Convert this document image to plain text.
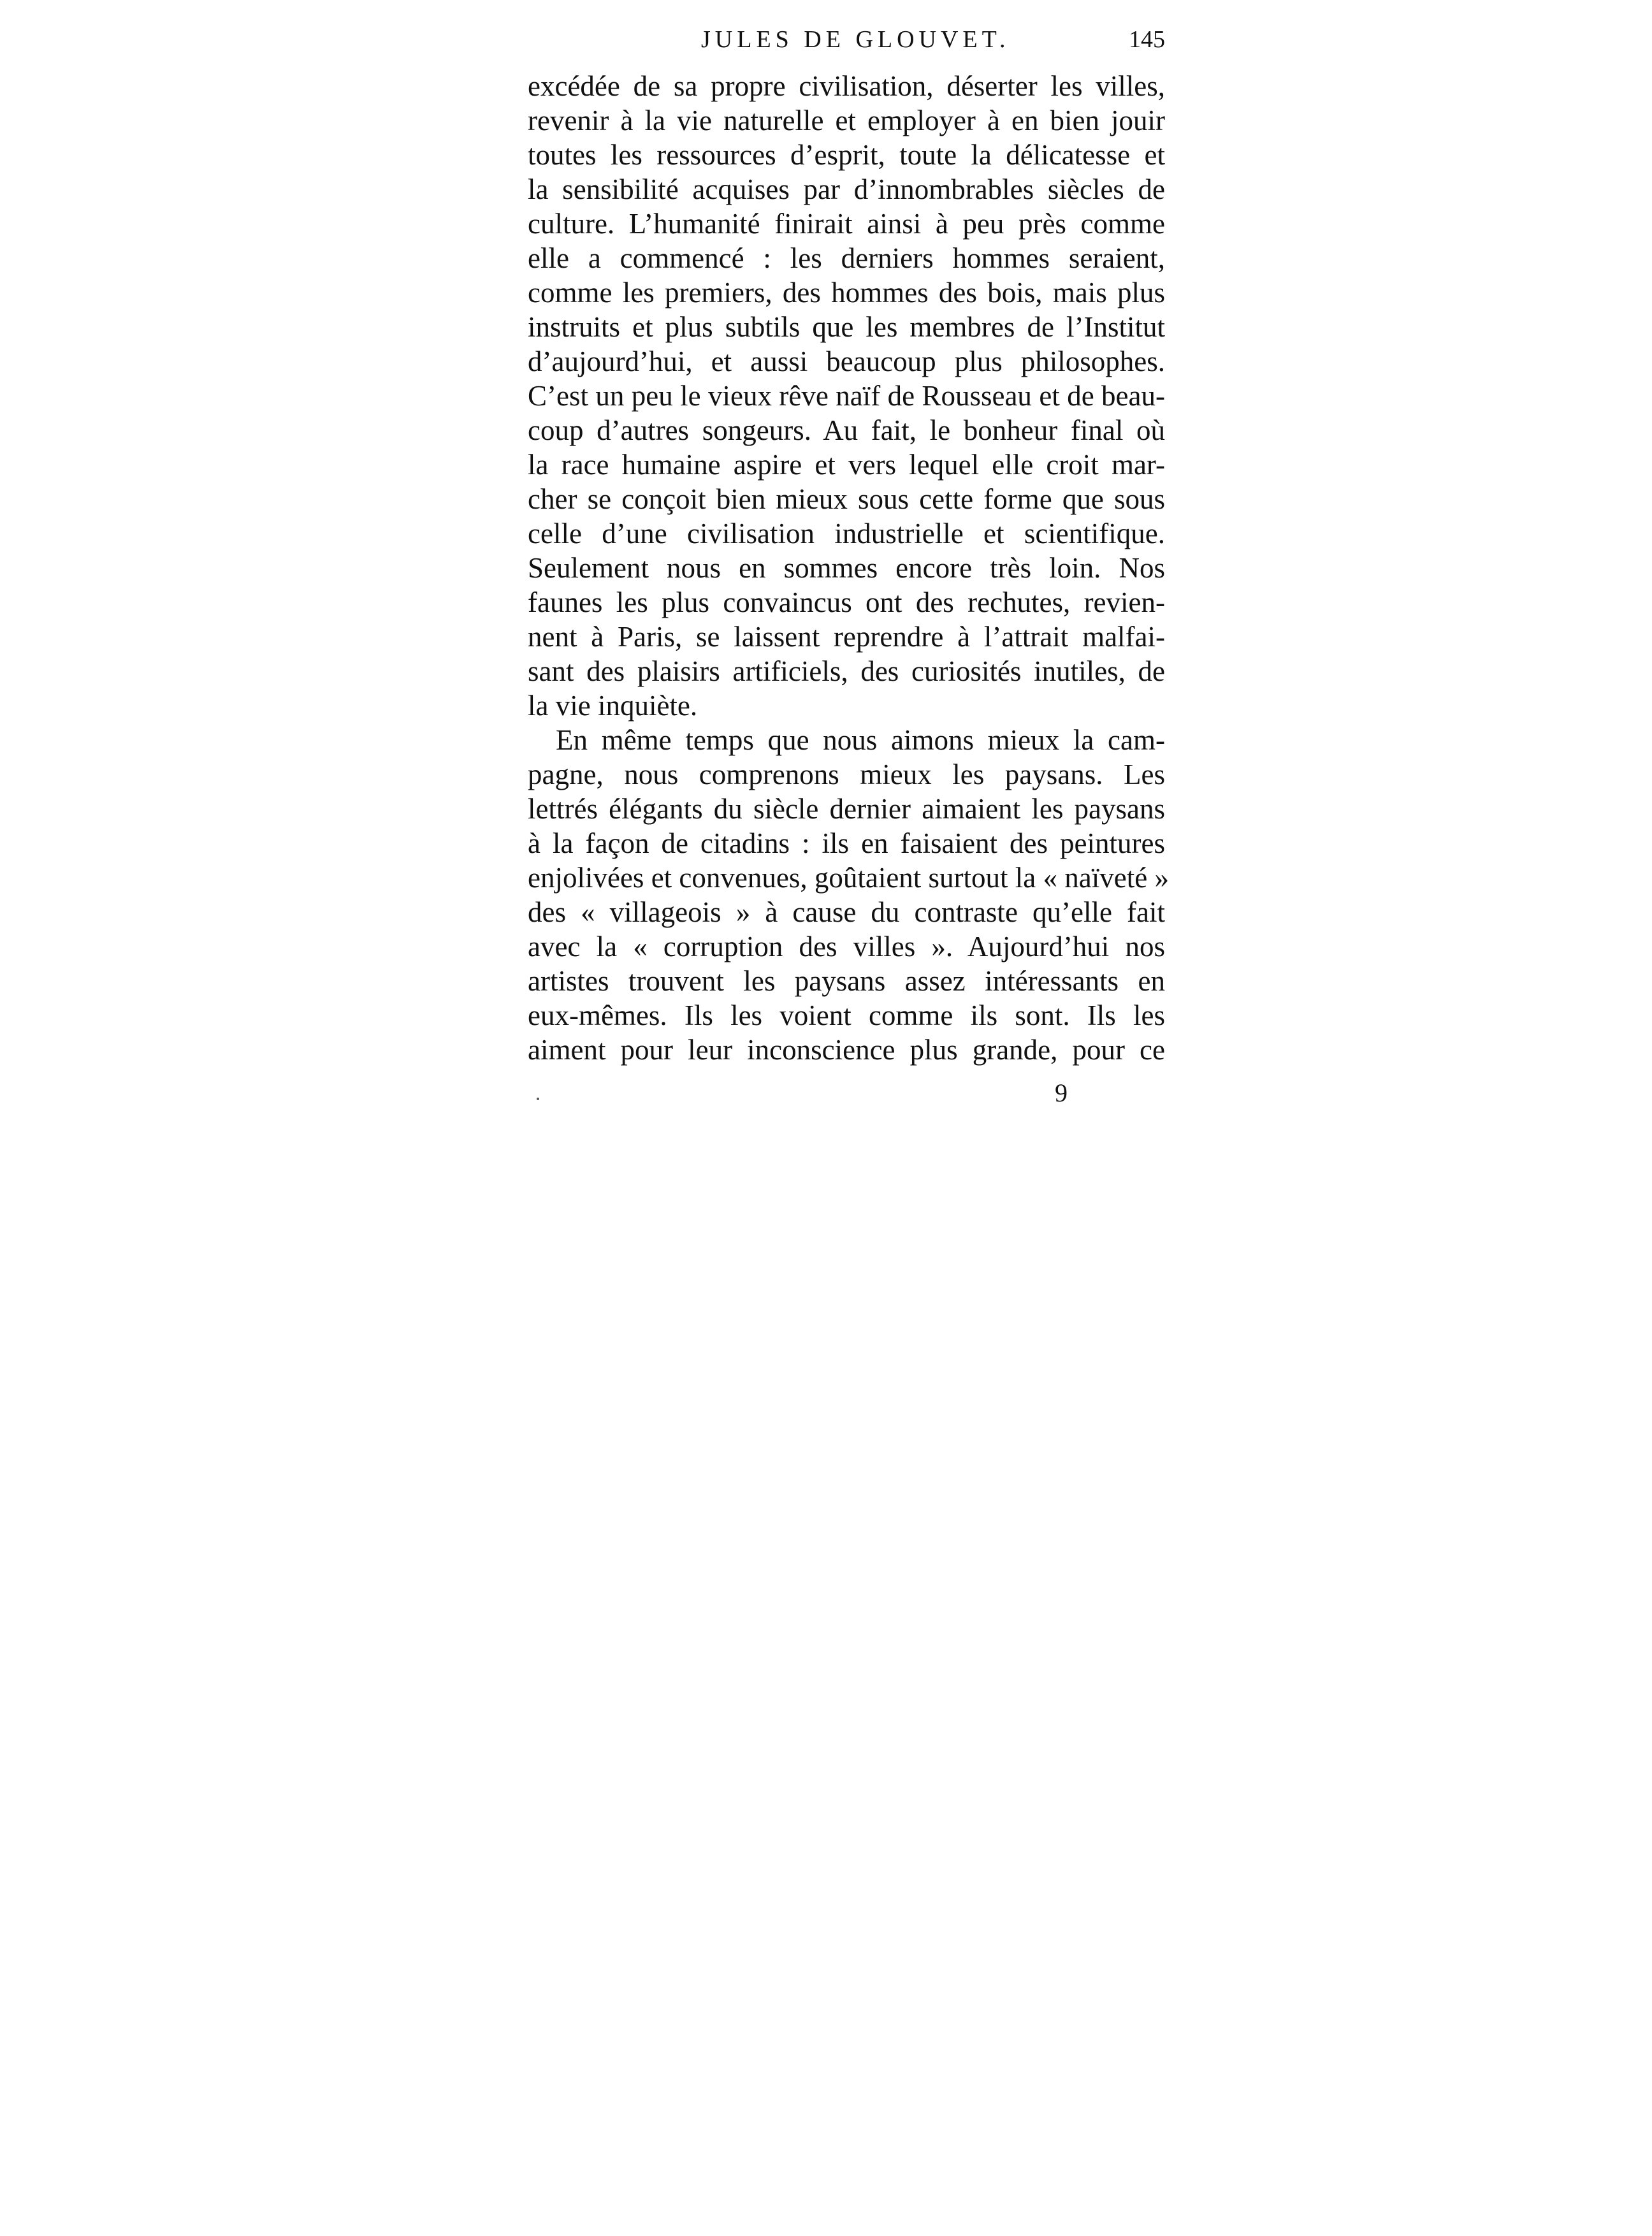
JULES DE GLOUVET.	145
excédée de sa propre civilisation, déserter les villes,
revenir à la vie naturelle et employer à en bien jouir
toutes les ressources d’esprit, toute la délicatesse et
la sensibilité acquises par d’innombrables siècles de
culture. L’humanité finirait ainsi à peu près comme
elle a commencé : les derniers hommes seraient,
comme les premiers, des hommes des bois, mais plus
instruits et plus subtils que les membres de l’Institut
d’aujourd’hui, et aussi beaucoup plus philosophes.
C’est un peu le vieux rêve naïf de Rousseau et de beau-
coup d’autres songeurs. Au fait, le bonheur final où
la race humaine aspire et vers lequel elle croit mar-
cher se conçoit bien mieux sous cette forme que sous
celle d’une civilisation industrielle et scientifique.
Seulement nous en sommes encore très loin. Nos
faunes les plus convaincus ont des rechutes, revien-
nent à Paris, se laissent reprendre à l’attrait malfai-
sant des plaisirs artificiels, des curiosités inutiles, de
la vie inquiète.
En même temps que nous aimons mieux la cam-
pagne, nous comprenons mieux les paysans. Les
lettrés élégants du siècle dernier aimaient les paysans
à la façon de citadins : ils en faisaient des peintures
enjolivées et convenues, goûtaient surtout la « naïveté »
des « villageois » à cause du contraste qu’elle fait
avec la « corruption des villes ». Aujourd’hui nos
artistes trouvent les paysans assez intéressants en
eux-mêmes. Ils les voient comme ils sont. Ils les
aiment pour leur inconscience plus grande, pour ce
9
